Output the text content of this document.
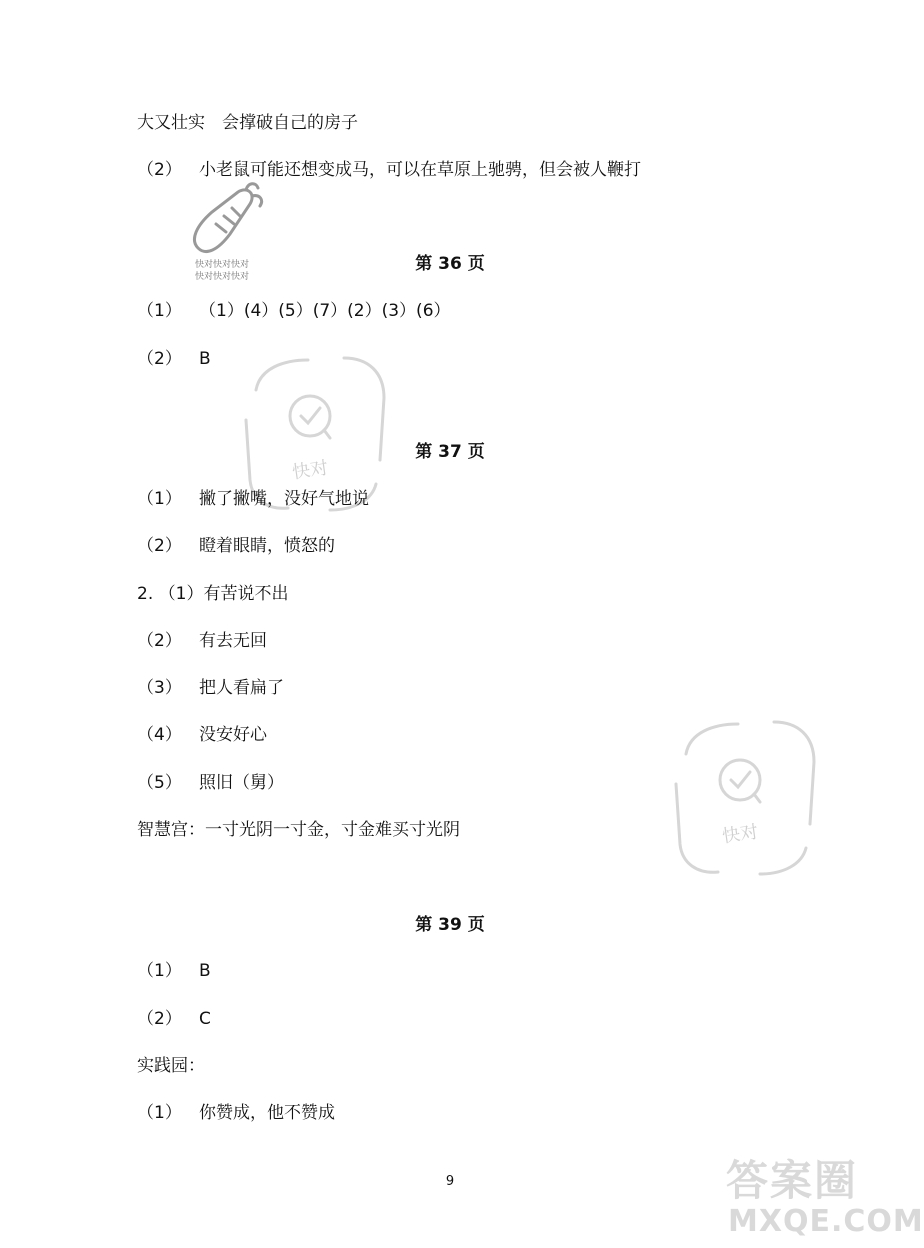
大又壮实　会撑破自己的房子
（2） 小老鼠可能还想变成马，可以在草原上驰骋，但会被人鞭打
快对快对快对
快对快对快对
第 36 页
（1） （1）(4）(5）(7）(2）(3）(6）
（2） B
快对
第 37 页
（1） 撇了撇嘴，没好气地说
（2） 瞪着眼睛，愤怒的
2. （1）有苦说不出
（2） 有去无回
（3） 把人看扁了
（4） 没安好心
（5） 照旧（舅）
智慧宫：一寸光阴一寸金，寸金难买寸光阴	快对
第 39 页
（1） B
（2） C
实践园：
（1） 你赞成，他不赞成
9	答案圈
MXQE.COM
